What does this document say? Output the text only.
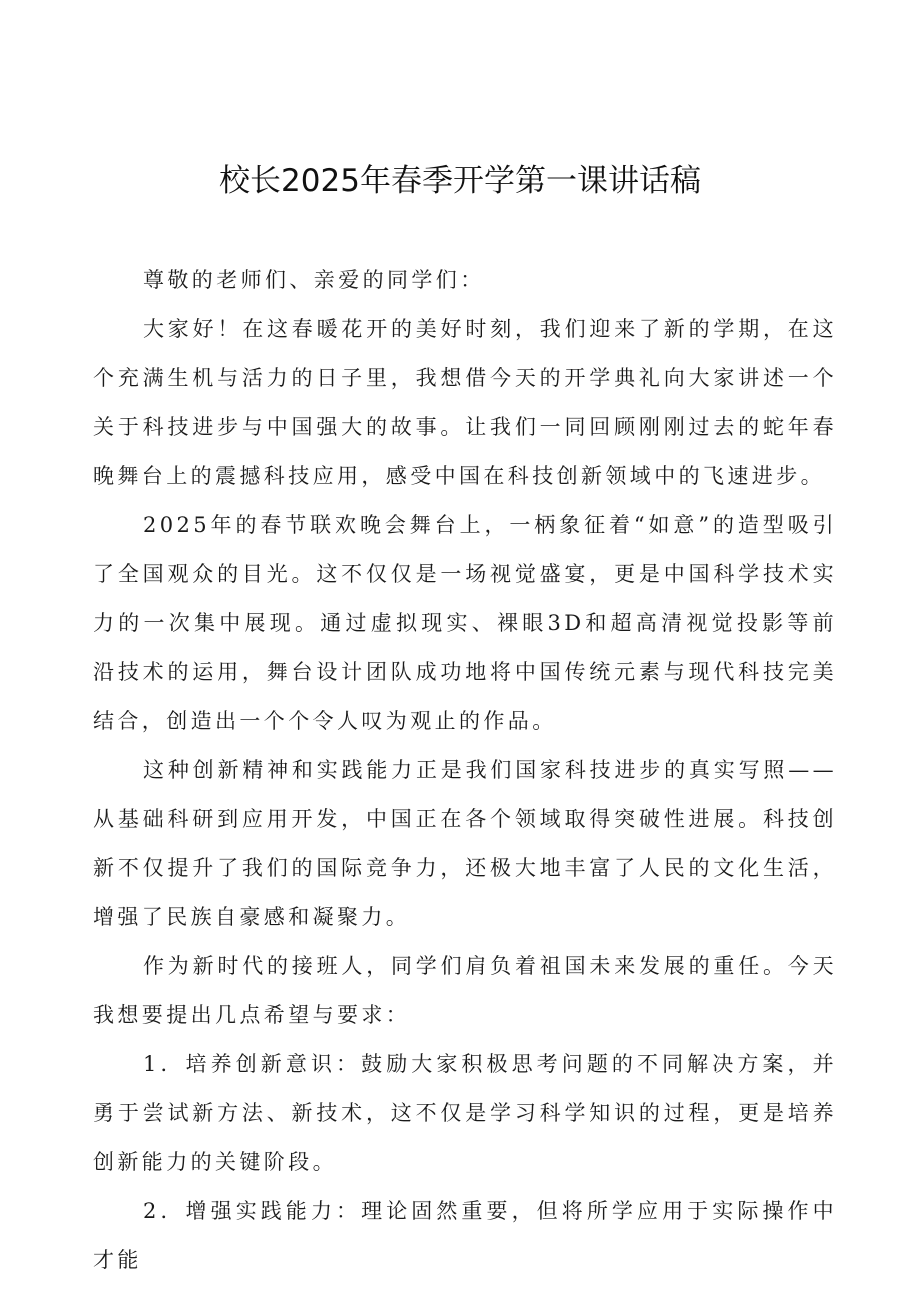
校长2025年春季开学第一课讲话稿

尊敬的老师们、亲爱的同学们：

大家好！在这春暖花开的美好时刻，我们迎来了新的学期，在这个充满生机与活力的日子里，我想借今天的开学典礼向大家讲述一个关于科技进步与中国强大的故事。让我们一同回顾刚刚过去的蛇年春晚舞台上的震撼科技应用，感受中国在科技创新领域中的飞速进步。

2025年的春节联欢晚会舞台上，一柄象征着“如意”的造型吸引了全国观众的目光。这不仅仅是一场视觉盛宴，更是中国科学技术实力的一次集中展现。通过虚拟现实、裸眼3D和超高清视觉投影等前沿技术的运用，舞台设计团队成功地将中国传统元素与现代科技完美结合，创造出一个个令人叹为观止的作品。

这种创新精神和实践能力正是我们国家科技进步的真实写照——从基础科研到应用开发，中国正在各个领域取得突破性进展。科技创新不仅提升了我们的国际竞争力，还极大地丰富了人民的文化生活，增强了民族自豪感和凝聚力。

作为新时代的接班人，同学们肩负着祖国未来发展的重任。今天我想要提出几点希望与要求：

1．培养创新意识：鼓励大家积极思考问题的不同解决方案，并勇于尝试新方法、新技术，这不仅是学习科学知识的过程，更是培养创新能力的关键阶段。

2．增强实践能力：理论固然重要，但将所学应用于实际操作中才能
